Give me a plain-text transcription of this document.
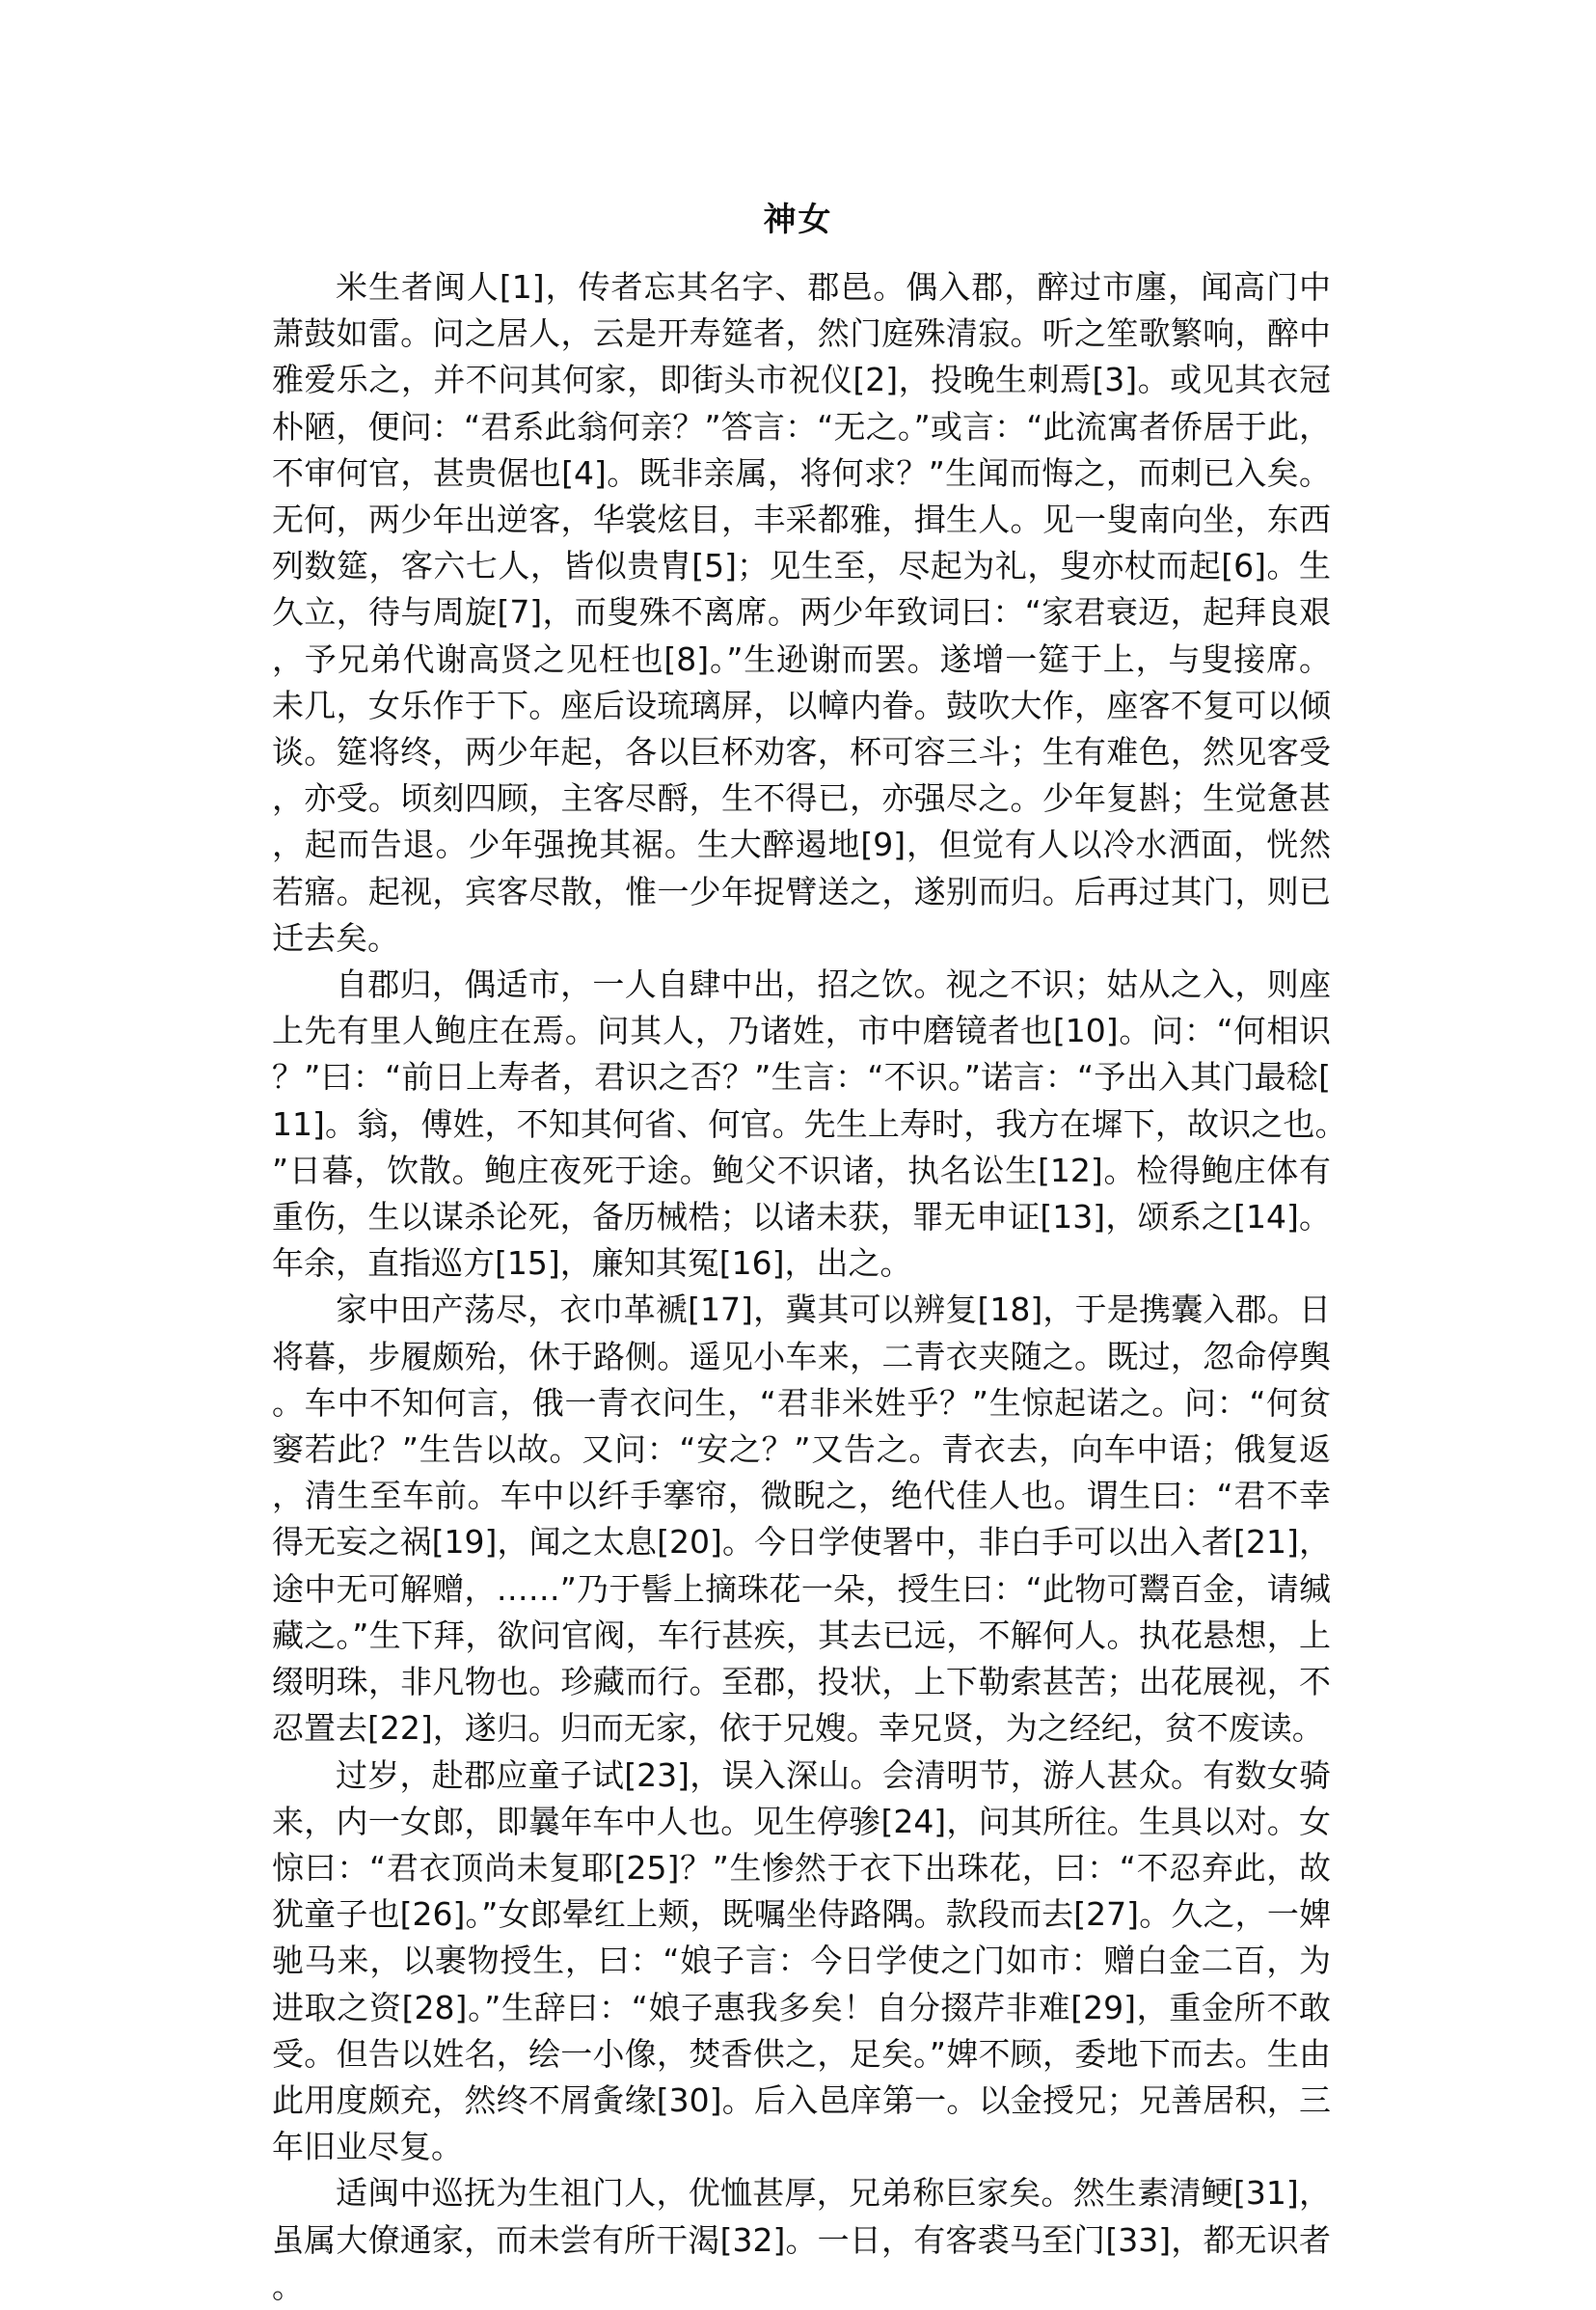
神女

米生者闽人[1]，传者忘其名字、郡邑。偶入郡，醉过市廛，闻高门中萧鼓如雷。问之居人，云是开寿筵者，然门庭殊清寂。听之笙歌繁响，醉中雅爱乐之，并不问其何家，即街头市祝仪[2]，投晚生刺焉[3]。或见其衣冠朴陋，便问：“君系此翁何亲？”答言：“无之。”或言：“此流寓者侨居于此，不审何官，甚贵倨也[4]。既非亲属，将何求？”生闻而悔之，而刺已入矣。无何，两少年出逆客，华裳炫目，丰采都雅，揖生人。见一叟南向坐，东西列数筵，客六七人，皆似贵胄[5]；见生至，尽起为礼，叟亦杖而起[6]。生久立，待与周旋[7]，而叟殊不离席。两少年致词曰：“家君衰迈，起拜良艰，予兄弟代谢高贤之见枉也[8]。”生逊谢而罢。遂增一筵于上，与叟接席。未几，女乐作于下。座后设琉璃屏，以幛内眷。鼓吹大作，座客不复可以倾谈。筵将终，两少年起，各以巨杯劝客，杯可容三斗；生有难色，然见客受，亦受。顷刻四顾，主客尽酹，生不得已，亦强尽之。少年复斟；生觉惫甚，起而告退。少年强挽其裾。生大醉遏地[9]，但觉有人以冷水洒面，恍然若寤。起视，宾客尽散，惟一少年捉臂送之，遂别而归。后再过其门，则已迁去矣。

自郡归，偶适市，一人自肆中出，招之饮。视之不识；姑从之入，则座上先有里人鲍庄在焉。问其人，乃诸姓，市中磨镜者也[10]。问：“何相识？”曰：“前日上寿者，君识之否？”生言：“不识。”诺言：“予出入其门最稔[11]。翁，傅姓，不知其何省、何官。先生上寿时，我方在墀下，故识之也。”日暮，饮散。鲍庄夜死于途。鲍父不识诸，执名讼生[12]。检得鲍庄体有重伤，生以谋杀论死，备历械梏；以诸未获，罪无申证[13]，颂系之[14]。年余，直指巡方[15]，廉知其冤[16]，出之。

家中田产荡尽，衣巾革褫[17]，冀其可以辨复[18]，于是携囊入郡。日将暮，步履颇殆，休于路侧。遥见小车来，二青衣夹随之。既过，忽命停舆。车中不知何言，俄一青衣问生，“君非米姓乎？”生惊起诺之。问：“何贫窭若此？”生告以故。又问：“安之？”又告之。青衣去，向车中语；俄复返，清生至车前。车中以纤手搴帘，微睨之，绝代佳人也。谓生曰：“君不幸得无妄之祸[19]，闻之太息[20]。今日学使署中，非白手可以出入者[21]，途中无可解赠，……”乃于髻上摘珠花一朵，授生曰：“此物可鬻百金，请缄藏之。”生下拜，欲问官阀，车行甚疾，其去已远，不解何人。执花悬想，上缀明珠，非凡物也。珍藏而行。至郡，投状，上下勒索甚苦；出花展视，不忍置去[22]，遂归。归而无家，依于兄嫂。幸兄贤，为之经纪，贫不废读。

过岁，赴郡应童子试[23]，误入深山。会清明节，游人甚众。有数女骑来，内一女郎，即曩年车中人也。见生停骖[24]，问其所往。生具以对。女惊曰：“君衣顶尚未复耶[25]？”生惨然于衣下出珠花，曰：“不忍弃此，故犹童子也[26]。”女郎晕红上颊，既嘱坐侍路隅。款段而去[27]。久之，一婢驰马来，以裹物授生，曰：“娘子言：今日学使之门如市：赠白金二百，为进取之资[28]。”生辞曰：“娘子惠我多矣！自分掇芹非难[29]，重金所不敢受。但告以姓名，绘一小像，焚香供之，足矣。”婢不顾，委地下而去。生由此用度颇充，然终不屑夤缘[30]。后入邑庠第一。以金授兄；兄善居积，三年旧业尽复。

适闽中巡抚为生祖门人，优恤甚厚，兄弟称巨家矣。然生素清鲠[31]，虽属大僚通家，而未尝有所干渴[32]。一日，有客裘马至门[33]，都无识者。
